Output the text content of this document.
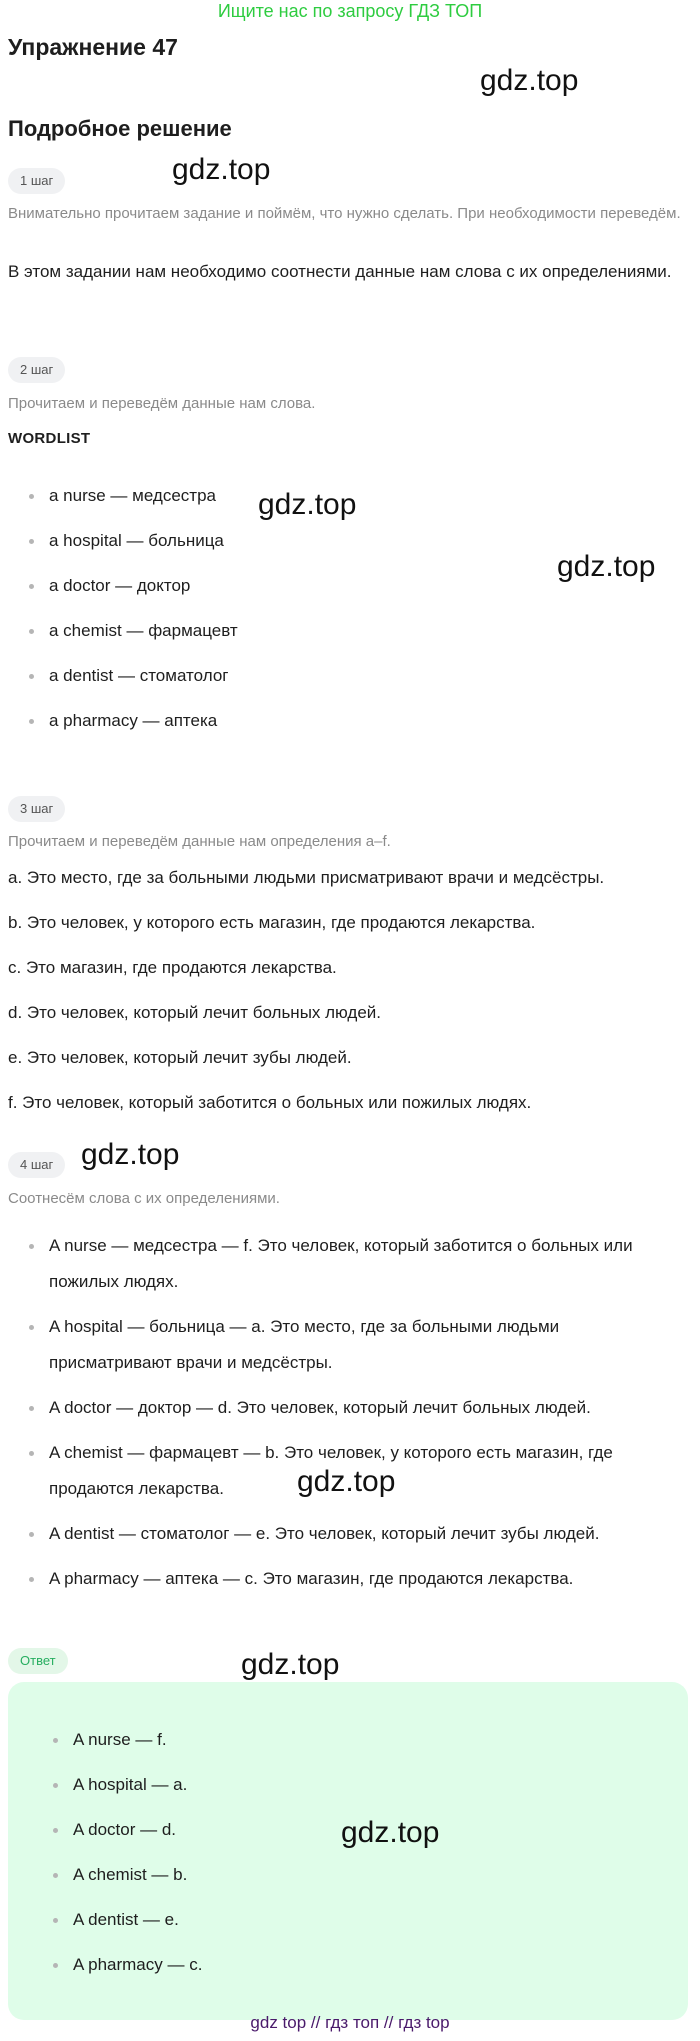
Ищите нас по запросу ГДЗ ТОП
Упражнение 47
Подробное решение
1 шаг
Внимательно прочитаем задание и поймём, что нужно сделать. При необходимости переведём.
В этом задании нам необходимо соотнести данные нам слова с их определениями.
2 шаг
Прочитаем и переведём данные нам слова.
WORDLIST
a nurse — медсестра
a hospital — больница
a doctor — доктор
a chemist — фармацевт
a dentist — стоматолог
a pharmacy — аптека
3 шаг
Прочитаем и переведём данные нам определения a–f.
a. Это место, где за больными людьми присматривают врачи и медсёстры.
b. Это человек, у которого есть магазин, где продаются лекарства.
c. Это магазин, где продаются лекарства.
d. Это человек, который лечит больных людей.
e. Это человек, который лечит зубы людей.
f. Это человек, который заботится о больных или пожилых людях.
4 шаг
Соотнесём слова с их определениями.
A nurse — медсестра — f. Это человек, который заботится о больных или пожилых людях.
A hospital — больница — a. Это место, где за больными людьми присматривают врачи и медсёстры.
A doctor — доктор — d. Это человек, который лечит больных людей.
A chemist — фармацевт — b. Это человек, у которого есть магазин, где продаются лекарства.
A dentist — стоматолог — e. Это человек, который лечит зубы людей.
A pharmacy — аптека — c. Это магазин, где продаются лекарства.
Ответ
A nurse — f.
A hospital — a.
A doctor — d.
A chemist — b.
A dentist — e.
A pharmacy — c.
gdz.top
gdz.top
gdz.top
gdz.top
gdz.top
gdz.top
gdz.top
gdz.top
gdz top // гдз топ // гдз top
